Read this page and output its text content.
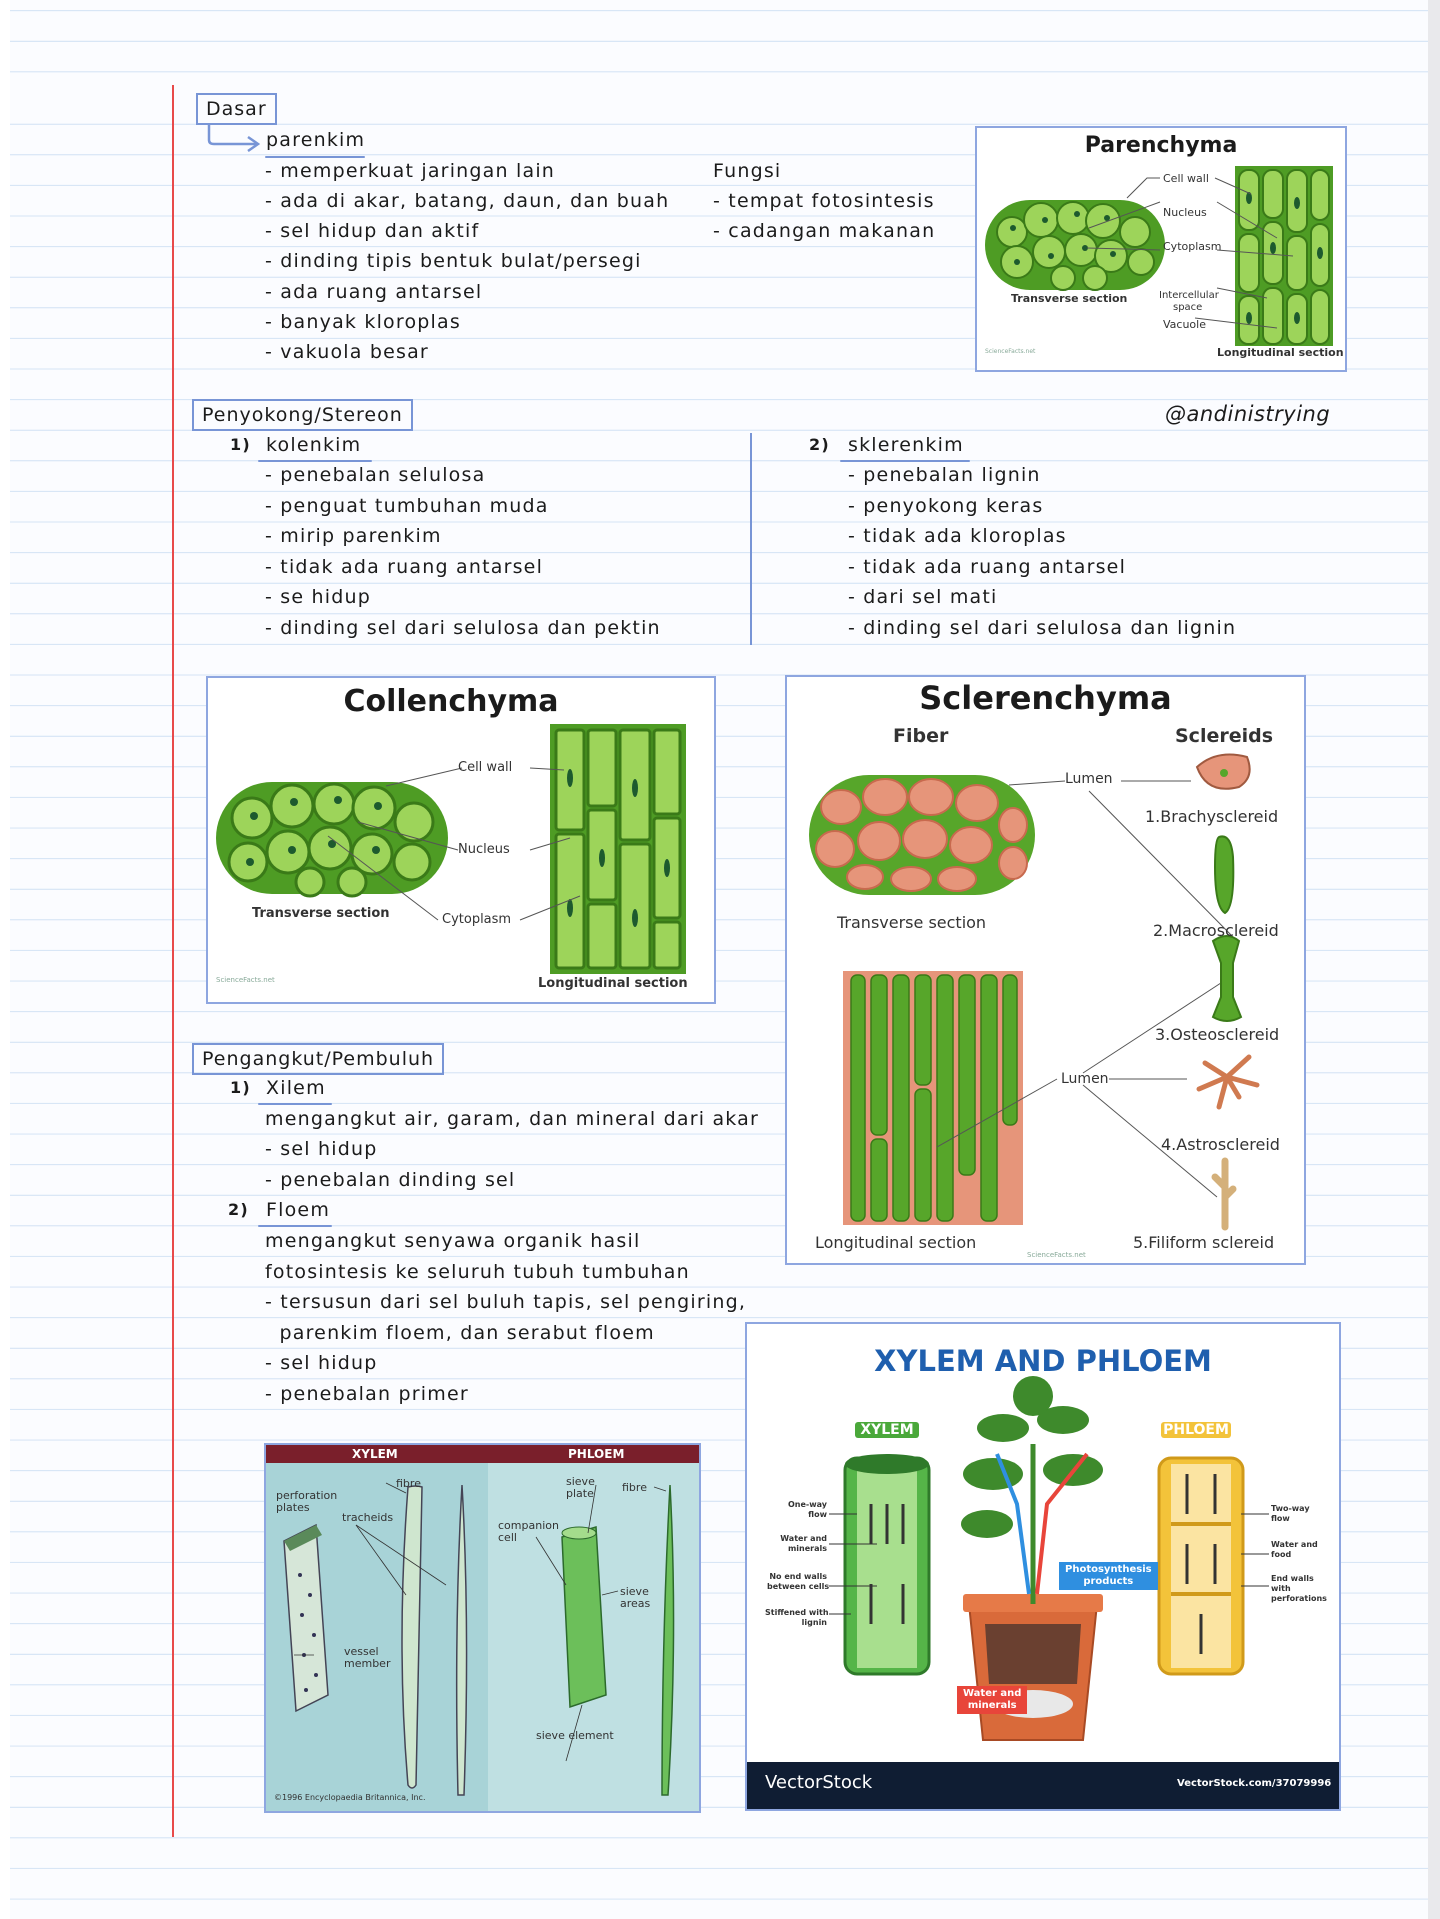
Dasar
parenkim
- memperkuat jaringan lain
- ada di akar, batang, daun, dan buah
- sel hidup dan aktif
- dinding tipis bentuk bulat/persegi
- ada ruang antarsel
- banyak kloroplas
- vakuola besar
Fungsi
- tempat fotosintesis
- cadangan makanan
Parenchyma
Cell wall
Nucleus
Cytoplasm
Intercellular
space
Vacuole
Transverse section
Longitudinal section
ScienceFacts.net
Penyokong/Stereon	@andinistrying
1) kolenkim
- penebalan selulosa
- penguat tumbuhan muda
- mirip parenkim
- tidak ada ruang antarsel
- se hidup
- dinding sel dari selulosa dan pektin
2) sklerenkim
- penebalan lignin
- penyokong keras
- tidak ada kloroplas
- tidak ada ruang antarsel
- dari sel mati
- dinding sel dari selulosa dan lignin
Collenchyma
Cell wall
Nucleus
Cytoplasm
Transverse section
Longitudinal section
ScienceFacts.net
Sclerenchyma
Fiber	Sclereids
Lumen
Lumen
Transverse section
Longitudinal section
1.Brachysclereid
2.Macrosclereid
3.Osteosclereid
4.Astrosclereid
5.Filiform sclereid
ScienceFacts.net
Pengangkut/Pembuluh
1) Xilem
mengangkut air, garam, dan mineral dari akar
- sel hidup
- penebalan dinding sel
2) Floem
mengangkut senyawa organik hasil
fotosintesis ke seluruh tubuh tumbuhan
- tersusun dari sel buluh tapis, sel pengiring,
parenkim floem, dan serabut floem
- sel hidup
- penebalan primer
XYLEM	PHLOEM
perforation
plates
fibre
tracheids
vessel
member
sieve
plate	fibre
companion
cell
sieve
areas
sieve element
©1996 Encyclopaedia Britannica, Inc.
XYLEM AND PHLOEM
XYLEM	PHLOEM
One-way
flow
Water and
minerals
No end walls
between cells
Stiffened with
lignin
Two-way
flow
Water and
food
End walls
with
perforations
Photosynthesis
products
Water and
minerals
VectorStock	VectorStock.com/37079996
